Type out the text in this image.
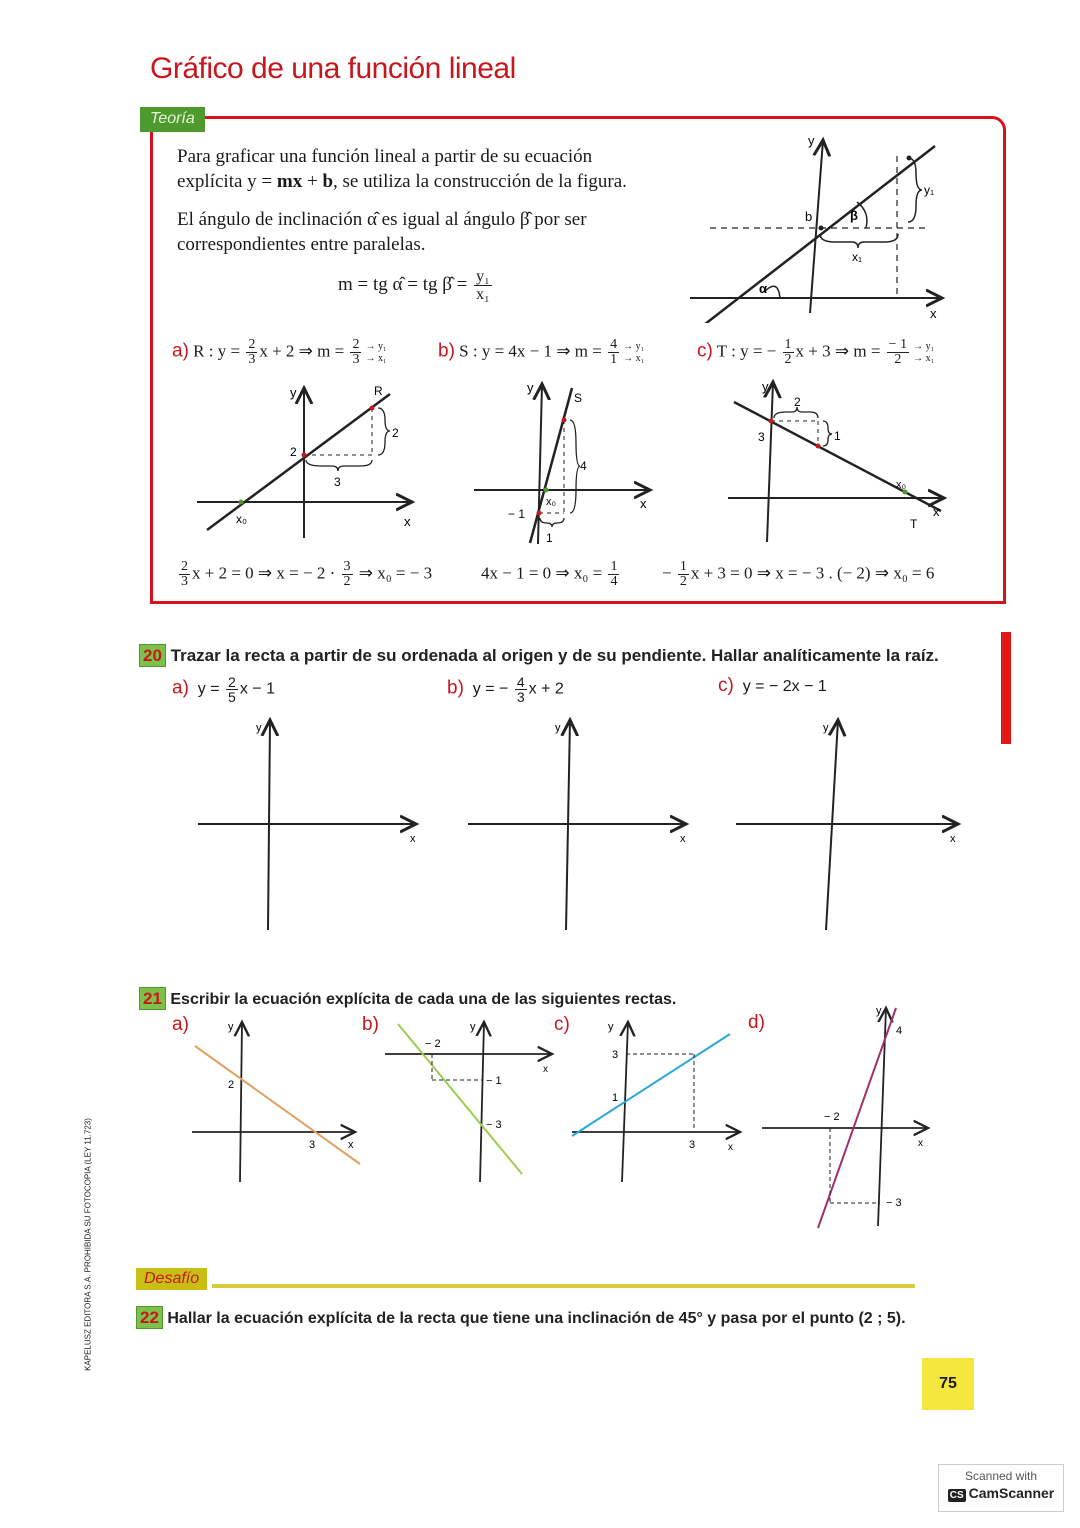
Gráfico de una función lineal
Teoría
Para graficar una función lineal a partir de su ecuación
explícita y = mx + b, se utiliza la construcción de la figura.
El ángulo de inclinación α̂ es igual al ángulo β̂ por ser
correspondientes entre paralelas.
m = tg α̂ = tg β̂ = $\frac{\text{y₁}}{\text{x₁}}$
y
x
b	β
α
y₁
x₁
a) R : $y = \frac{2}{3}$ x + 2 ⇒ $m = \frac{2}{3} \to y_1$
→ x₁	b) S : y = 4x − 1 ⇒ $m = \frac{4}{1} \to y_1$
→ x₁	c) T : y = − $\frac{1}{2}$ x + 3 ⇒ $m = \frac{- 1}{2} \to y_1$
→ x₁
y
x
R
2
2
3
x₀
y
x
S
− 1
4
1
x₀
y
x
T
3	1
2
x₀
$\frac{2}{3}$ x + 2 = 0 ⇒ x = − $2 \cdot \frac{3}{2}$ ⇒ x₀ = − 3	4x − 1 = 0 ⇒ $x_0 = \frac{1}{4}$	− $\frac{1}{2}$ x + 3 = 0 ⇒ x = − 3 . (− 2) ⇒ x₀ = 6
20 Trazar la recta a partir de su ordenada al origen y de su pendiente. Hallar analíticamente la raíz.
a) $y = \frac{2}{5}$ x − 1	b) y = − $\frac{4}{3}$ x + 2	c) y = − 2x − 1
y
x
y
x
y
x
21 Escribir la ecuación explícita de cada una de las siguientes rectas.
a)	y
x
2
3
b)	y
x
− 2
− 1
− 3
c)	y
x
3
1
3
d)
y
x
4
− 2
− 3
Desafío
22 Hallar la ecuación explícita de la recta que tiene una inclinación de 45° y pasa por el punto (2 ; 5).
75
KAPELUSZ EDITORA S.A. PROHIBIDA SU FOTOCOPIA (LEY 11.723)
Scanned with
CS CamScanner
